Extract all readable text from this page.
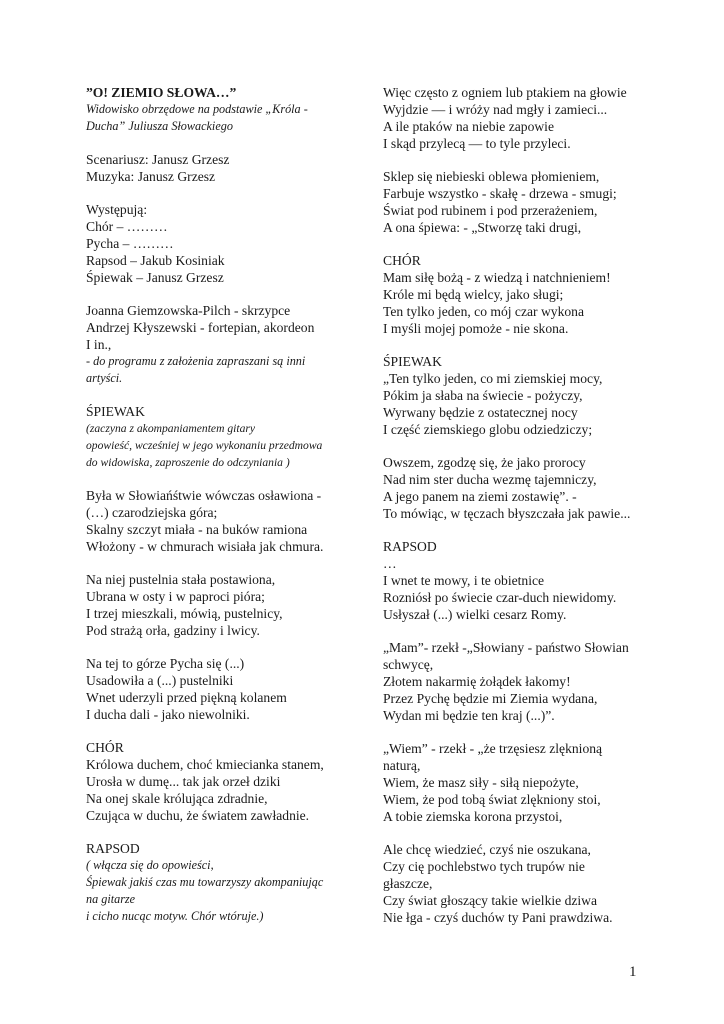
”O! ZIEMIO SŁOWA…”
Widowisko obrzędowe na podstawie „Króla -
Ducha” Juliusza Słowackiego
Scenariusz: Janusz Grzesz
Muzyka: Janusz Grzesz
Występują:
Chór – ………
Pycha – ………
Rapsod – Jakub Kosiniak
Śpiewak – Janusz Grzesz
Joanna Giemzowska-Pilch - skrzypce
Andrzej Kłyszewski - fortepian, akordeon
I in.,
- do programu z założenia zapraszani są inni
artyści.
ŚPIEWAK
(zaczyna z akompaniamentem gitary
opowieść, wcześniej w jego wykonaniu przedmowa
do widowiska, zaproszenie do odczyniania )
Była w Słowiańśtwie wówczas osławiona -
(…) czarodziejska góra;
Skalny szczyt miała - na buków ramiona
Włożony - w chmurach wisiała jak chmura.
Na niej pustelnia stała postawiona,
Ubrana w osty i w paproci pióra;
I trzej mieszkali, mówią, pustelnicy,
Pod strażą orła, gadziny i lwicy.
Na tej to górze Pycha się (...)
Usadowiła a (...) pustelniki
Wnet uderzyli przed piękną kolanem
I ducha dali - jako niewolniki.
CHÓR
Królowa duchem, choć kmiecianka stanem,
Urosła w dumę... tak jak orzeł dziki
Na onej skale królująca zdradnie,
Czująca w duchu, że światem zawładnie.
RAPSOD
( włącza się do opowieści,
Śpiewak jakiś czas mu towarzyszy akompaniując
na gitarze
i cicho nucąc motyw. Chór wtóruje.)
Więc często z ogniem lub ptakiem na głowie
Wyjdzie — i wróży nad mgły i zamieci...
A ile ptaków na niebie zapowie
I skąd przylecą — to tyle przyleci.
Sklep się niebieski oblewa płomieniem,
Farbuje wszystko - skałę - drzewa - smugi;
Świat pod rubinem i pod przerażeniem,
A ona śpiewa: - „Stworzę taki drugi,
CHÓR
Mam siłę bożą - z wiedzą i natchnieniem!
Króle mi będą wielcy, jako sługi;
Ten tylko jeden, co mój czar wykona
I myśli mojej pomoże - nie skona.
ŚPIEWAK
„Ten tylko jeden, co mi ziemskiej mocy,
Pókim ja słaba na świecie - pożyczy,
Wyrwany będzie z ostatecznej nocy
I część ziemskiego globu odziedziczy;
Owszem, zgodzę się, że jako prorocy
Nad nim ster ducha wezmę tajemniczy,
A jego panem na ziemi zostawię”. -
To mówiąc, w tęczach błyszczała jak pawie...
RAPSOD
…
I wnet te mowy, i te obietnice
Rozniósł po świecie czar-duch niewidomy.
Usłyszał (...) wielki cesarz Romy.
„Mam”- rzekł -„Słowiany - państwo Słowian
schwycę,
Złotem nakarmię żołądek łakomy!
Przez Pychę będzie mi Ziemia wydana,
Wydan mi będzie ten kraj (...)”.
„Wiem” - rzekł - „że trzęsiesz zlęknioną
naturą,
Wiem, że masz siły - siłą niepożyte,
Wiem, że pod tobą świat zlękniony stoi,
A tobie ziemska korona przystoi,
Ale chcę wiedzieć, czyś nie oszukana,
Czy cię pochlebstwo tych trupów nie
głaszcze,
Czy świat głoszący takie wielkie dziwa
Nie łga - czyś duchów ty Pani prawdziwa.
1
